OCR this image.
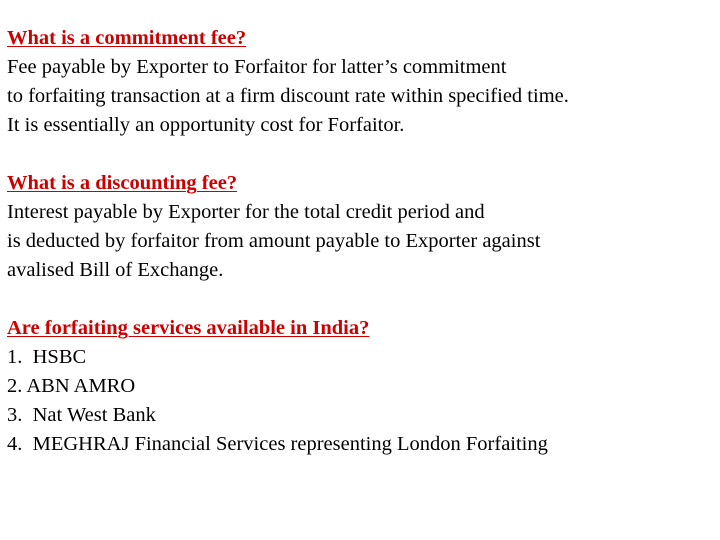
What is a commitment fee?
Fee payable by Exporter to Forfaitor for latter’s commitment
to forfaiting transaction at a firm discount rate within specified time.
It is essentially an opportunity cost for Forfaitor.
What is a discounting fee?
Interest payable by Exporter for the total credit period and
is deducted by forfaitor from amount payable to Exporter against
avalised Bill of Exchange.
Are forfaiting services available in India?
1.  HSBC
2. ABN AMRO
3.  Nat West Bank
4.  MEGHRAJ Financial Services representing London Forfaiting
